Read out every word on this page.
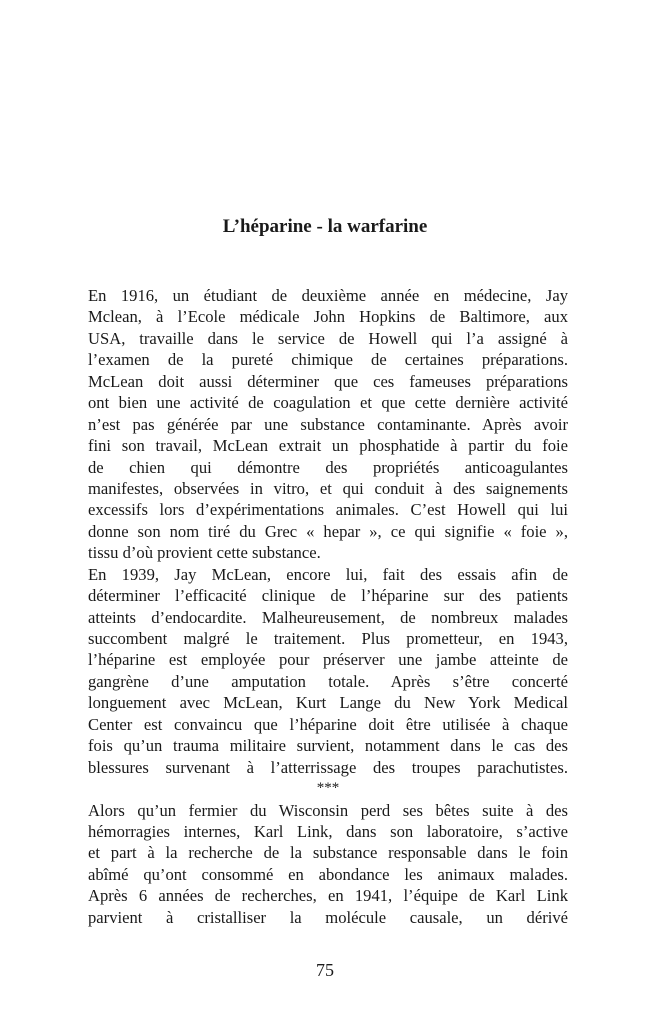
L’héparine - la warfarine
En 1916, un étudiant de deuxième année en médecine, Jay
Mclean, à l’Ecole médicale John Hopkins de Baltimore, aux
USA, travaille dans le service de Howell qui l’a assigné à
l’examen de la pureté chimique de certaines préparations.
McLean doit aussi déterminer que ces fameuses préparations
ont bien une activité de coagulation et que cette dernière activité
n’est pas générée par une substance contaminante. Après avoir
fini son travail, McLean extrait un phosphatide à partir du foie
de chien qui démontre des propriétés anticoagulantes
manifestes, observées in vitro, et qui conduit à des saignements
excessifs lors d’expérimentations animales. C’est Howell qui lui
donne son nom tiré du Grec « hepar », ce qui signifie « foie »,
tissu d’où provient cette substance.
En 1939, Jay McLean, encore lui, fait des essais afin de
déterminer l’efficacité clinique de l’héparine sur des patients
atteints d’endocardite. Malheureusement, de nombreux malades
succombent malgré le traitement. Plus prometteur, en 1943,
l’héparine est employée pour préserver une jambe atteinte de
gangrène d’une amputation totale. Après s’être concerté
longuement avec McLean, Kurt Lange du New York Medical
Center est convaincu que l’héparine doit être utilisée à chaque
fois qu’un trauma militaire survient, notamment dans le cas des
blessures survenant à l’atterrissage des troupes parachutistes.
***
Alors qu’un fermier du Wisconsin perd ses bêtes suite à des
hémorragies internes, Karl Link, dans son laboratoire, s’active
et part à la recherche de la substance responsable dans le foin
abîmé qu’ont consommé en abondance les animaux malades.
Après 6 années de recherches, en 1941, l’équipe de Karl Link
parvient à cristalliser la molécule causale, un dérivé
75
